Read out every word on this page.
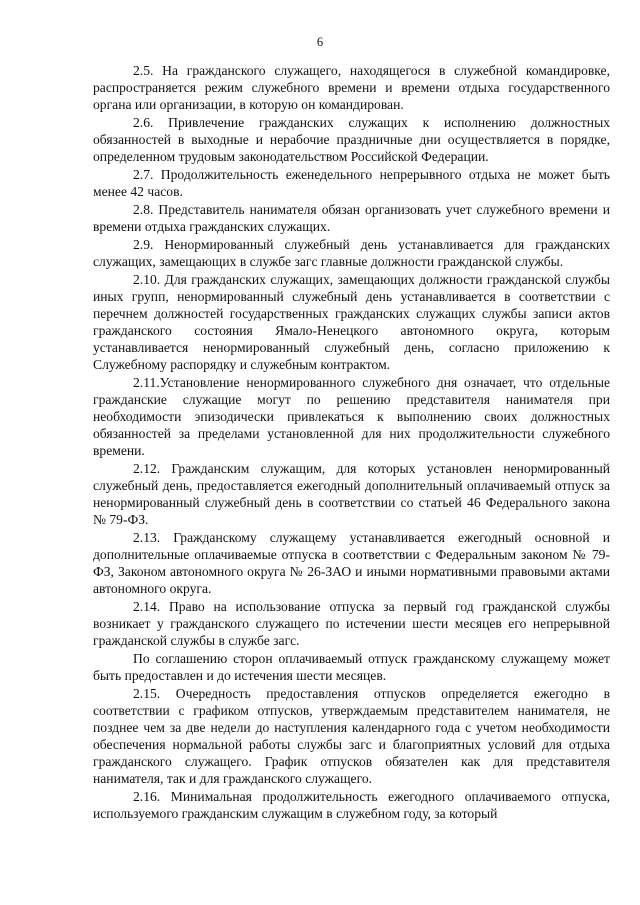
6

2.5. На гражданского служащего, находящегося в служебной командировке, распространяется режим служебного времени и времени отдыха государственного органа или организации, в которую он командирован.

2.6. Привлечение гражданских служащих к исполнению должностных обязанностей в выходные и нерабочие праздничные дни осуществляется в порядке, определенном трудовым законодательством Российской Федерации.

2.7. Продолжительность еженедельного непрерывного отдыха не может быть менее 42 часов.

2.8. Представитель нанимателя обязан организовать учет служебного времени и времени отдыха гражданских служащих.

2.9. Ненормированный служебный день устанавливается для гражданских служащих, замещающих в службе загс главные должности гражданской службы.

2.10. Для гражданских служащих, замещающих должности гражданской службы иных групп, ненормированный служебный день устанавливается в соответствии с перечнем должностей государственных гражданских служащих службы записи актов гражданского состояния Ямало-Ненецкого автономного округа, которым устанавливается ненормированный служебный день, согласно приложению к Служебному распорядку и служебным контрактом.

2.11.Установление ненормированного служебного дня означает, что отдельные гражданские служащие могут по решению представителя нанимателя при необходимости эпизодически привлекаться к выполнению своих должностных обязанностей за пределами установленной для них продолжительности служебного времени.

2.12. Гражданским служащим, для которых установлен ненормированный служебный день, предоставляется ежегодный дополнительный оплачиваемый отпуск за ненормированный служебный день в соответствии со статьей 46 Федерального закона № 79-ФЗ.

2.13. Гражданскому служащему устанавливается ежегодный основной и дополнительные оплачиваемые отпуска в соответствии с Федеральным законом № 79-ФЗ, Законом автономного округа № 26-ЗАО и иными нормативными правовыми актами автономного округа.

2.14. Право на использование отпуска за первый год гражданской службы возникает у гражданского служащего по истечении шести месяцев его непрерывной гражданской службы в службе загс.

По соглашению сторон оплачиваемый отпуск гражданскому служащему может быть предоставлен и до истечения шести месяцев.

2.15. Очередность предоставления отпусков определяется ежегодно в соответствии с графиком отпусков, утверждаемым представителем нанимателя, не позднее чем за две недели до наступления календарного года с учетом необходимости обеспечения нормальной работы службы загс и благоприятных условий для отдыха гражданского служащего. График отпусков обязателен как для представителя нанимателя, так и для гражданского служащего.

2.16. Минимальная продолжительность ежегодного оплачиваемого отпуска, используемого гражданским служащим в служебном году, за который
